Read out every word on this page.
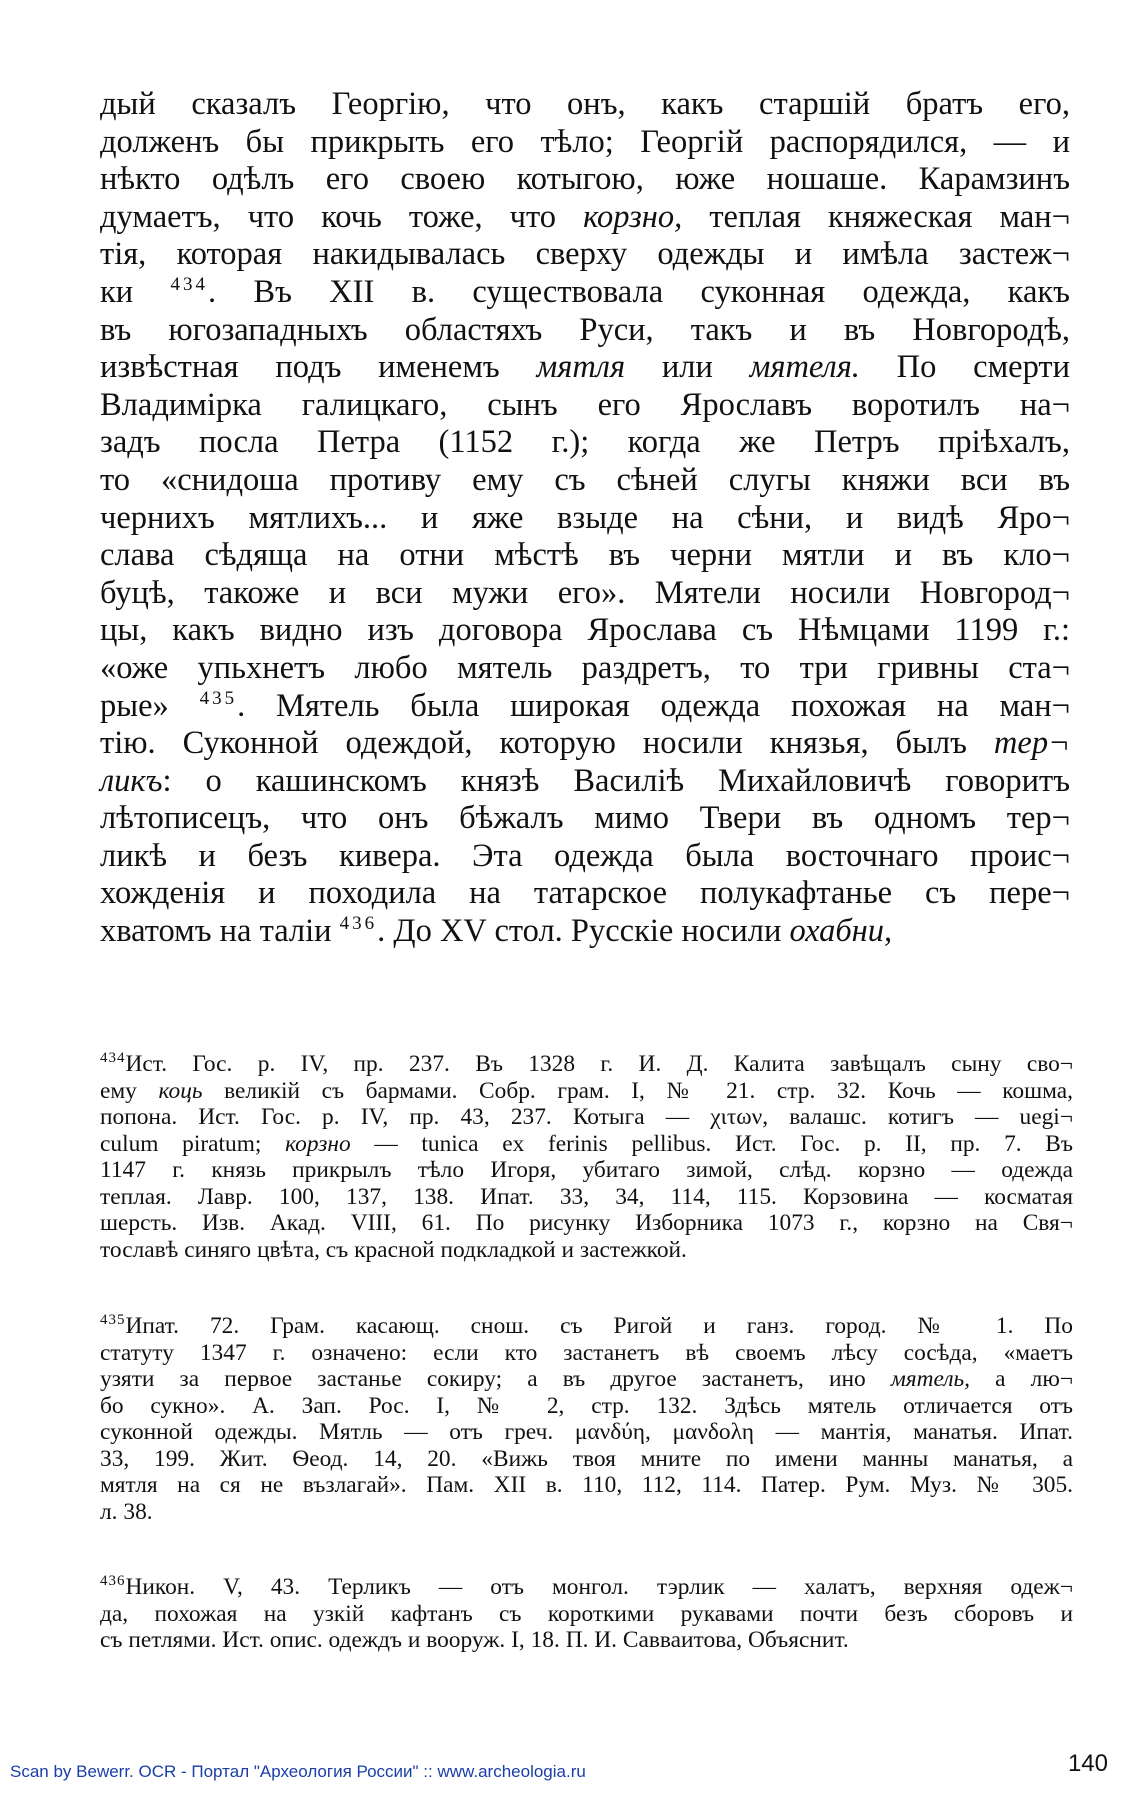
дый сказалъ Георгію, что онъ, какъ старшій братъ его,
долженъ бы прикрыть его тѣло; Георгій распорядился, — и
нѣкто одѣлъ его своею котыгою, юже ношаше. Карамзинъ
думаетъ, что кочь тоже, что корзно, теплая княжеская ман¬
тія, которая накидывалась сверху одежды и имѣла застеж¬
ки $^{434}$. Въ XII в. существовала суконная одежда, какъ
въ югозападныхъ областяхъ Руси, такъ и въ Новгородѣ,
извѣстная подъ именемъ мятля или мятеля. По смерти
Владимірка галицкаго, сынъ его Ярославъ воротилъ на¬
задъ посла Петра (1152 г.); когда же Петръ пріѣхалъ,
то «снидоша противу ему съ сѣней слугы княжи вси въ
черниxъ мятлихъ... и яже взыде на сѣни, и видѣ Яро¬
слава сѣдяща на отни мѣстѣ въ черни мятли и въ кло¬
буцѣ, такоже и вси мужи его». Мятели носили Новгород¬
цы, какъ видно изъ договора Ярослава съ Нѣмцами 1199 г.:
«оже упьхнетъ любо мятель раздретъ, то три гривны ста¬
рые» $^{435}$. Мятель была широкая одежда похожая на ман¬
тію. Суконной одеждой, которую носили князья, былъ тер¬
ликъ: о кашинскомъ князѣ Василіѣ Михайловичѣ говоритъ
лѣтописецъ, что онъ бѣжалъ мимо Твери въ одномъ тер¬
ликѣ и безъ кивера. Эта одежда была восточнаго проис¬
хожденія и походила на татарское полукафтанье съ пере¬
хватомъ на таліи $^{436}$. До XV стол. Русскіе носили охабни,
$^{434}$Ист. Гос. р. IV, пр. 237. Въ 1328 г. И. Д. Калита завѣщалъ сыну сво¬
ему коць великій съ бармами. Собр. грам. I, № 21. стр. 32. Кочь — кошма,
попона. Ист. Гос. р. IV, пр. 43, 237. Котыга — χιτων, валашс. котигъ — uegi¬
culum piratum; корзно — tunica ex ferinis pellibus. Ист. Гос. р. II, пр. 7. Въ
1147 г. князь прикрылъ тѣло Игоря, убитаго зимой, слѣд. корзно — одежда
теплая. Лавр. 100, 137, 138. Ипат. 33, 34, 114, 115. Корзовина — косматая
шерсть. Изв. Акад. VIII, 61. По рисунку Изборника 1073 г., корзно на Свя¬
тославѣ синяго цвѣта, съ красной подкладкой и застежкой.
$^{435}$Ипат. 72. Грам. касающ. снош. съ Ригой и ганз. город. № 1. По
статуту 1347 г. означено: если кто застанетъ вѣ своемъ лѣсу сосѣда, «маетъ
узяти за первое застанье сокиру; а въ другое застанетъ, ино мятель, а лю¬
бо сукно». А. Зап. Рос. I, № 2, стр. 132. Здѣсь мятель отличается отъ
суконной одежды. Мятль — отъ греч. μανδύη, μανδολη — мантія, манатья. Ипат.
33, 199. Жит. Ѳеод. 14, 20. «Вижь твоя мните по имени манны манатья, а
мятля на ся не възлагай». Пам. XII в. 110, 112, 114. Патер. Рум. Муз. № 305.
л. 38.
$^{436}$Никон. V, 43. Терликъ — отъ монгол. тэрлик — халатъ, верхняя одеж¬
да, похожая на узкій кафтанъ съ короткими рукавами почти безъ сборовъ и
съ петлями. Ист. опис. одеждъ и вооруж. I, 18. П. И. Савваитова, Объяснит.
Scan by Bewerr. OCR - Портал "Археология России" :: www.archeologia.ru	140
